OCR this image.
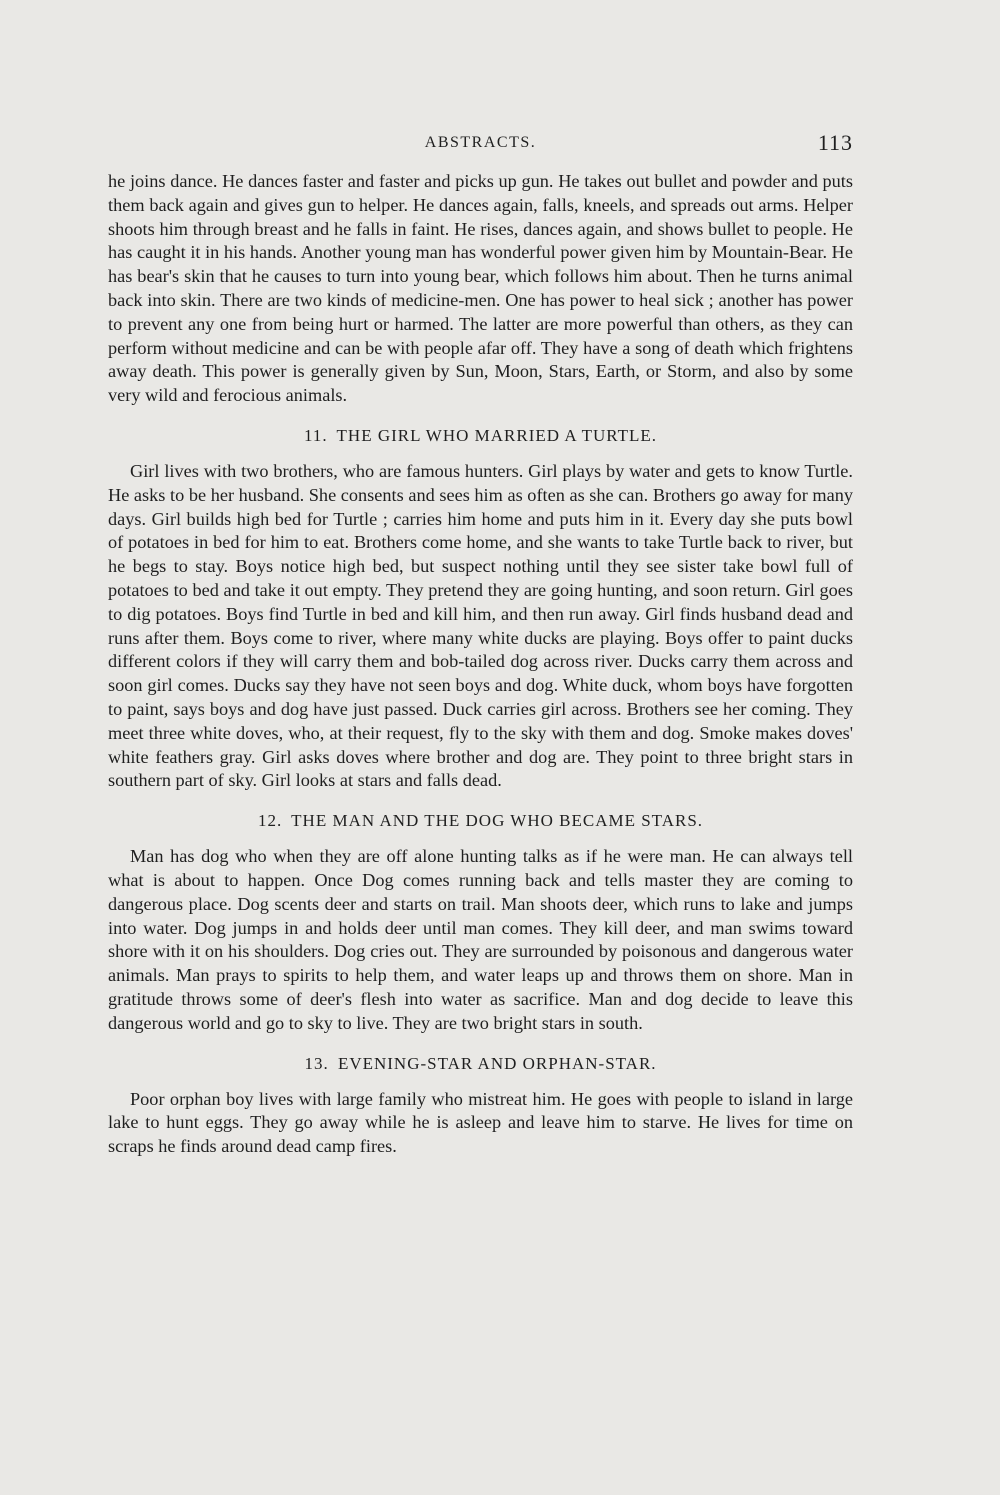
ABSTRACTS.	113

he joins dance. He dances faster and faster and picks up gun. He takes out bullet and powder and puts them back again and gives gun to helper. He dances again, falls, kneels, and spreads out arms. Helper shoots him through breast and he falls in faint. He rises, dances again, and shows bullet to people. He has caught it in his hands. Another young man has wonderful power given him by Mountain-Bear. He has bear's skin that he causes to turn into young bear, which follows him about. Then he turns animal back into skin. There are two kinds of medicine-men. One has power to heal sick ; another has power to prevent any one from being hurt or harmed. The latter are more powerful than others, as they can perform without medicine and can be with people afar off. They have a song of death which frightens away death. This power is generally given by Sun, Moon, Stars, Earth, or Storm, and also by some very wild and ferocious animals.

11. THE GIRL WHO MARRIED A TURTLE.

Girl lives with two brothers, who are famous hunters. Girl plays by water and gets to know Turtle. He asks to be her husband. She consents and sees him as often as she can. Brothers go away for many days. Girl builds high bed for Turtle ; carries him home and puts him in it. Every day she puts bowl of potatoes in bed for him to eat. Brothers come home, and she wants to take Turtle back to river, but he begs to stay. Boys notice high bed, but suspect nothing until they see sister take bowl full of potatoes to bed and take it out empty. They pretend they are going hunting, and soon return. Girl goes to dig potatoes. Boys find Turtle in bed and kill him, and then run away. Girl finds husband dead and runs after them. Boys come to river, where many white ducks are playing. Boys offer to paint ducks different colors if they will carry them and bob-tailed dog across river. Ducks carry them across and soon girl comes. Ducks say they have not seen boys and dog. White duck, whom boys have forgotten to paint, says boys and dog have just passed. Duck carries girl across. Brothers see her coming. They meet three white doves, who, at their request, fly to the sky with them and dog. Smoke makes doves' white feathers gray. Girl asks doves where brother and dog are. They point to three bright stars in southern part of sky. Girl looks at stars and falls dead.

12. THE MAN AND THE DOG WHO BECAME STARS.

Man has dog who when they are off alone hunting talks as if he were man. He can always tell what is about to happen. Once Dog comes running back and tells master they are coming to dangerous place. Dog scents deer and starts on trail. Man shoots deer, which runs to lake and jumps into water. Dog jumps in and holds deer until man comes. They kill deer, and man swims toward shore with it on his shoulders. Dog cries out. They are surrounded by poisonous and dangerous water animals. Man prays to spirits to help them, and water leaps up and throws them on shore. Man in gratitude throws some of deer's flesh into water as sacrifice. Man and dog decide to leave this dangerous world and go to sky to live. They are two bright stars in south.

13. EVENING-STAR AND ORPHAN-STAR.

Poor orphan boy lives with large family who mistreat him. He goes with people to island in large lake to hunt eggs. They go away while he is asleep and leave him to starve. He lives for time on scraps he finds around dead camp fires.
